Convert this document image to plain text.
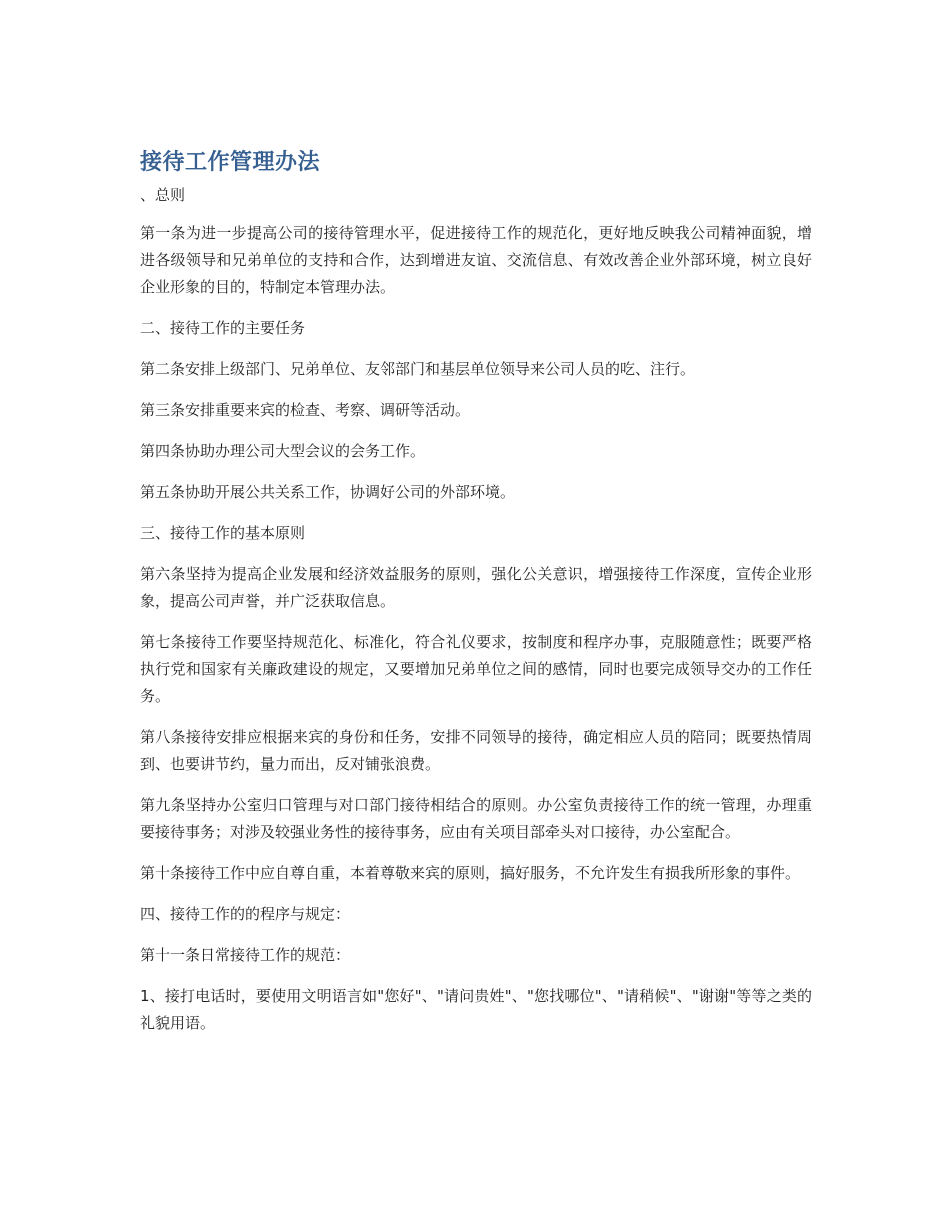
接待工作管理办法
、总则

第一条为进一步提高公司的接待管理水平，促进接待工作的规范化，更好地反映我公司精神面貌，增进各级领导和兄弟单位的支持和合作，达到增进友谊、交流信息、有效改善企业外部环境，树立良好企业形象的目的，特制定本管理办法。

二、接待工作的主要任务

第二条安排上级部门、兄弟单位、友邻部门和基层单位领导来公司人员的吃、注行。

第三条安排重要来宾的检查、考察、调研等活动。

第四条协助办理公司大型会议的会务工作。

第五条协助开展公共关系工作，协调好公司的外部环境。

三、接待工作的基本原则

第六条坚持为提高企业发展和经济效益服务的原则，强化公关意识，增强接待工作深度，宣传企业形象，提高公司声誉，并广泛获取信息。

第七条接待工作要坚持规范化、标准化，符合礼仪要求，按制度和程序办事，克服随意性；既要严格执行党和国家有关廉政建设的规定，又要增加兄弟单位之间的感情，同时也要完成领导交办的工作任务。

第八条接待安排应根据来宾的身份和任务，安排不同领导的接待，确定相应人员的陪同；既要热情周到、也要讲节约，量力而出，反对铺张浪费。

第九条坚持办公室归口管理与对口部门接待相结合的原则。办公室负责接待工作的统一管理，办理重要接待事务；对涉及较强业务性的接待事务，应由有关项目部牵头对口接待，办公室配合。

第十条接待工作中应自尊自重，本着尊敬来宾的原则，搞好服务，不允许发生有损我所形象的事件。

四、接待工作的的程序与规定：

第十一条日常接待工作的规范：

1、接打电话时，要使用文明语言如"您好"、"请问贵姓"、"您找哪位"、"请稍候"、"谢谢"等等之类的礼貌用语。
